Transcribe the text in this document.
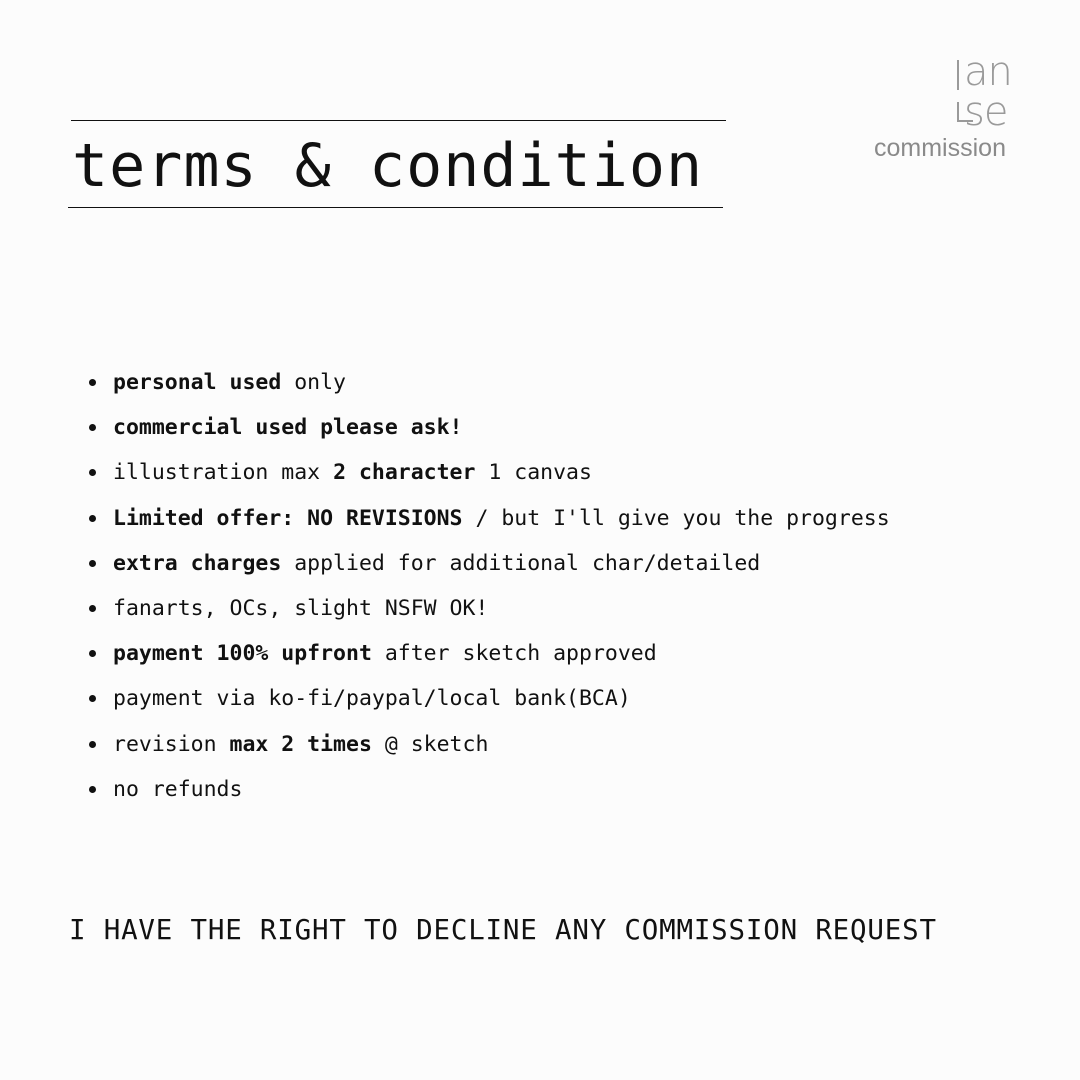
terms & condition
an
se
commission
personal used only
commercial used please ask!
illustration max 2 character 1 canvas
Limited offer: NO REVISIONS / but I'll give you the progress
extra charges applied for additional char/detailed
fanarts, OCs, slight NSFW OK!
payment 100% upfront after sketch approved
payment via ko-fi/paypal/local bank(BCA)
revision max 2 times @ sketch
no refunds

I HAVE THE RIGHT TO DECLINE ANY COMMISSION REQUEST
